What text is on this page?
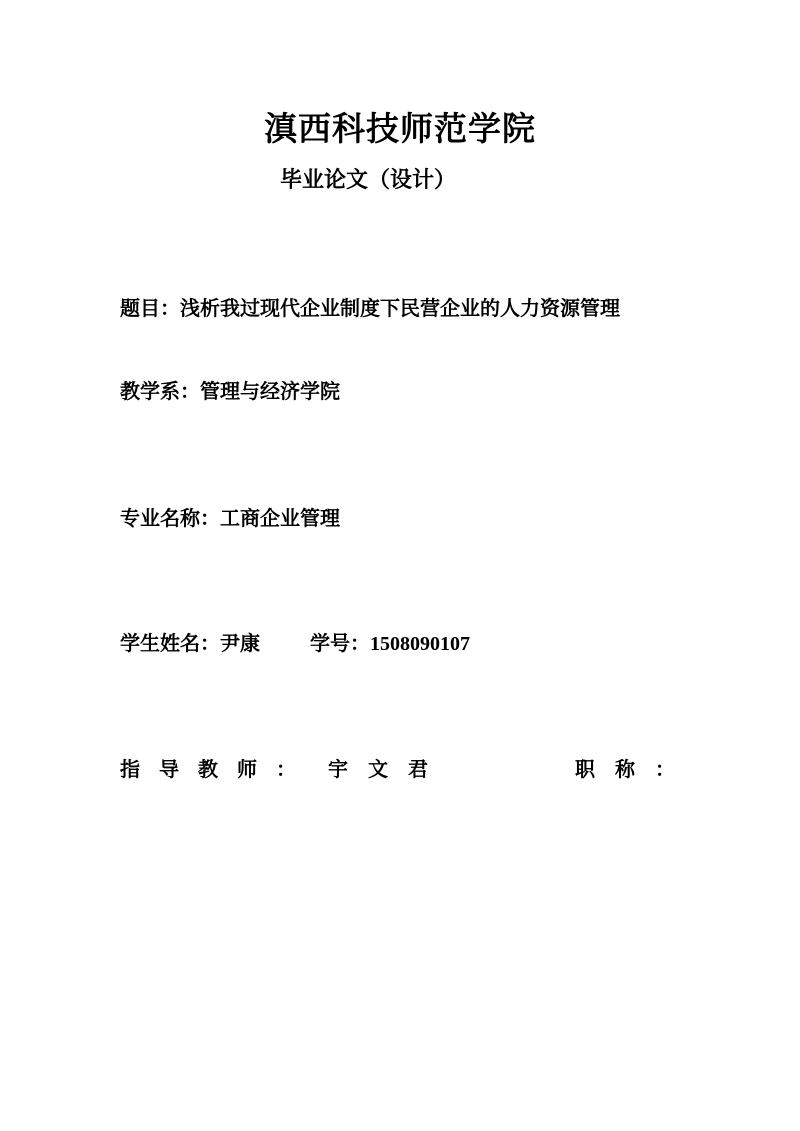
滇西科技师范学院
毕业论文（设计）
题目：浅析我过现代企业制度下民营企业的人力资源管理
教学系：管理与经济学院
专业名称：工商企业管理
学生姓名：尹康	学号：1508090107
指导教师： 宇文君	职称：
